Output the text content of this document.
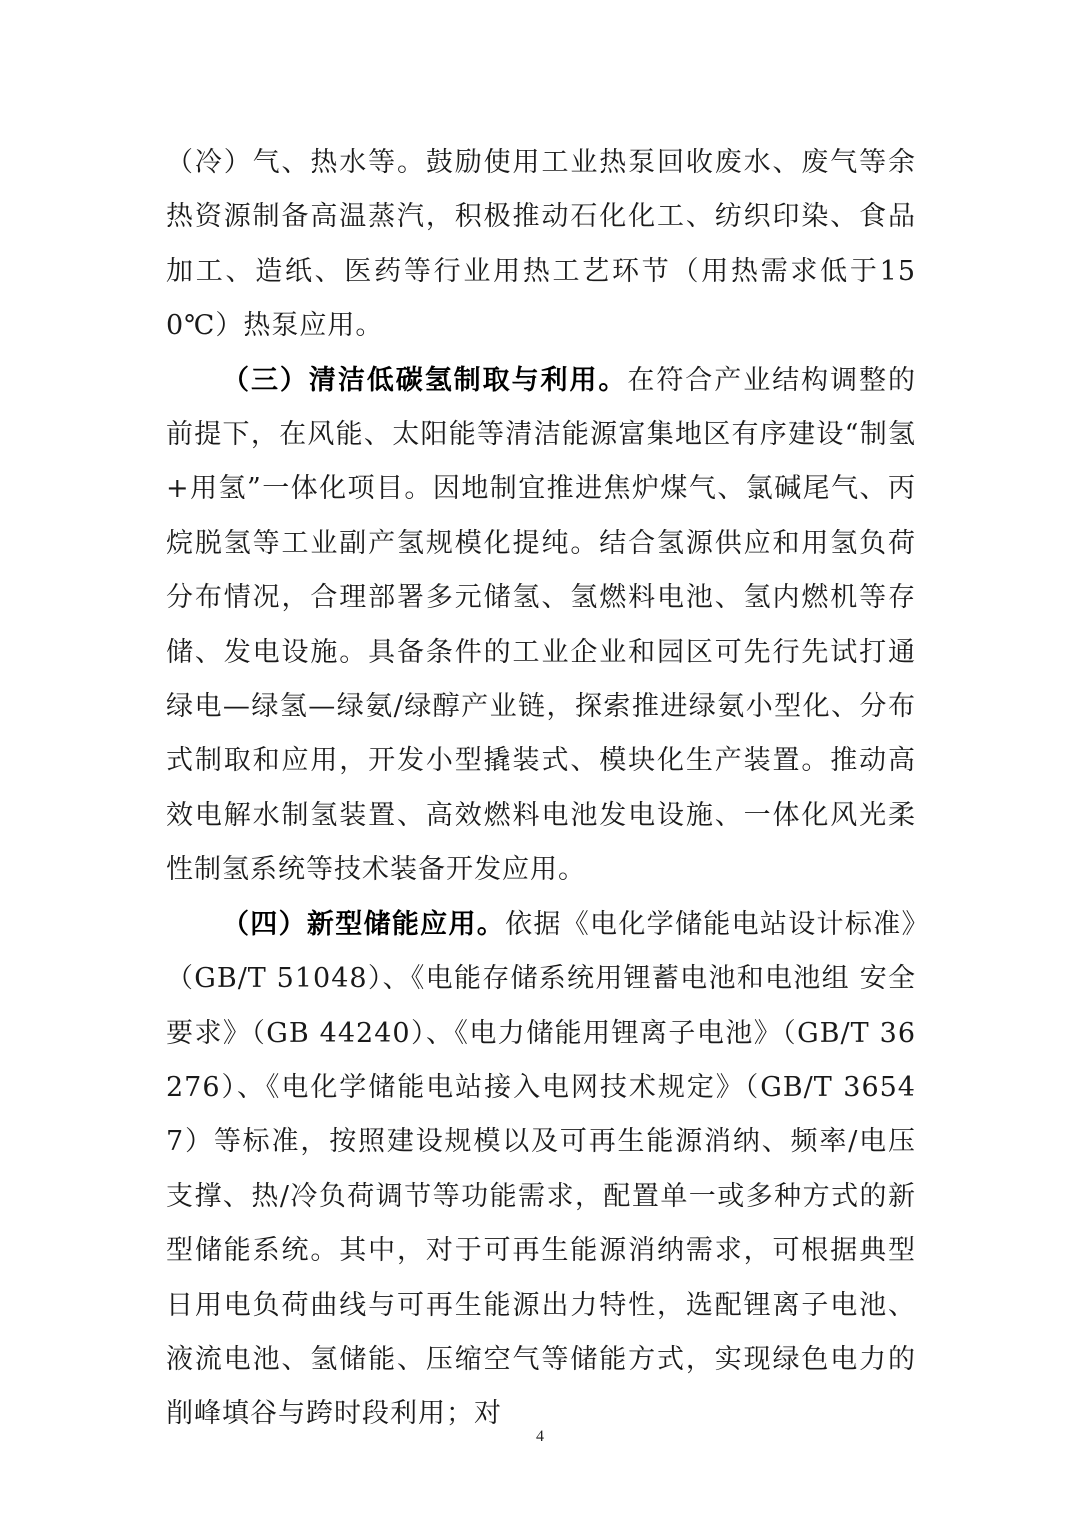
（冷）气、热水等。鼓励使用工业热泵回收废水、废气等余热资源制备高温蒸汽，积极推动石化化工、纺织印染、食品加工、造纸、医药等行业用热工艺环节（用热需求低于150℃）热泵应用。

（三）清洁低碳氢制取与利用。在符合产业结构调整的前提下，在风能、太阳能等清洁能源富集地区有序建设“制氢+用氢”一体化项目。因地制宜推进焦炉煤气、氯碱尾气、丙烷脱氢等工业副产氢规模化提纯。结合氢源供应和用氢负荷分布情况，合理部署多元储氢、氢燃料电池、氢内燃机等存储、发电设施。具备条件的工业企业和园区可先行先试打通绿电—绿氢—绿氨/绿醇产业链，探索推进绿氨小型化、分布式制取和应用，开发小型撬装式、模块化生产装置。推动高效电解水制氢装置、高效燃料电池发电设施、一体化风光柔性制氢系统等技术装备开发应用。

（四）新型储能应用。依据《电化学储能电站设计标准》（GB/T 51048）、《电能存储系统用锂蓄电池和电池组 安全要求》（GB 44240）、《电力储能用锂离子电池》（GB/T 36276）、《电化学储能电站接入电网技术规定》（GB/T 36547）等标准，按照建设规模以及可再生能源消纳、频率/电压支撑、热/冷负荷调节等功能需求，配置单一或多种方式的新型储能系统。其中，对于可再生能源消纳需求，可根据典型日用电负荷曲线与可再生能源出力特性，选配锂离子电池、液流电池、氢储能、压缩空气等储能方式，实现绿色电力的削峰填谷与跨时段利用；对

4
